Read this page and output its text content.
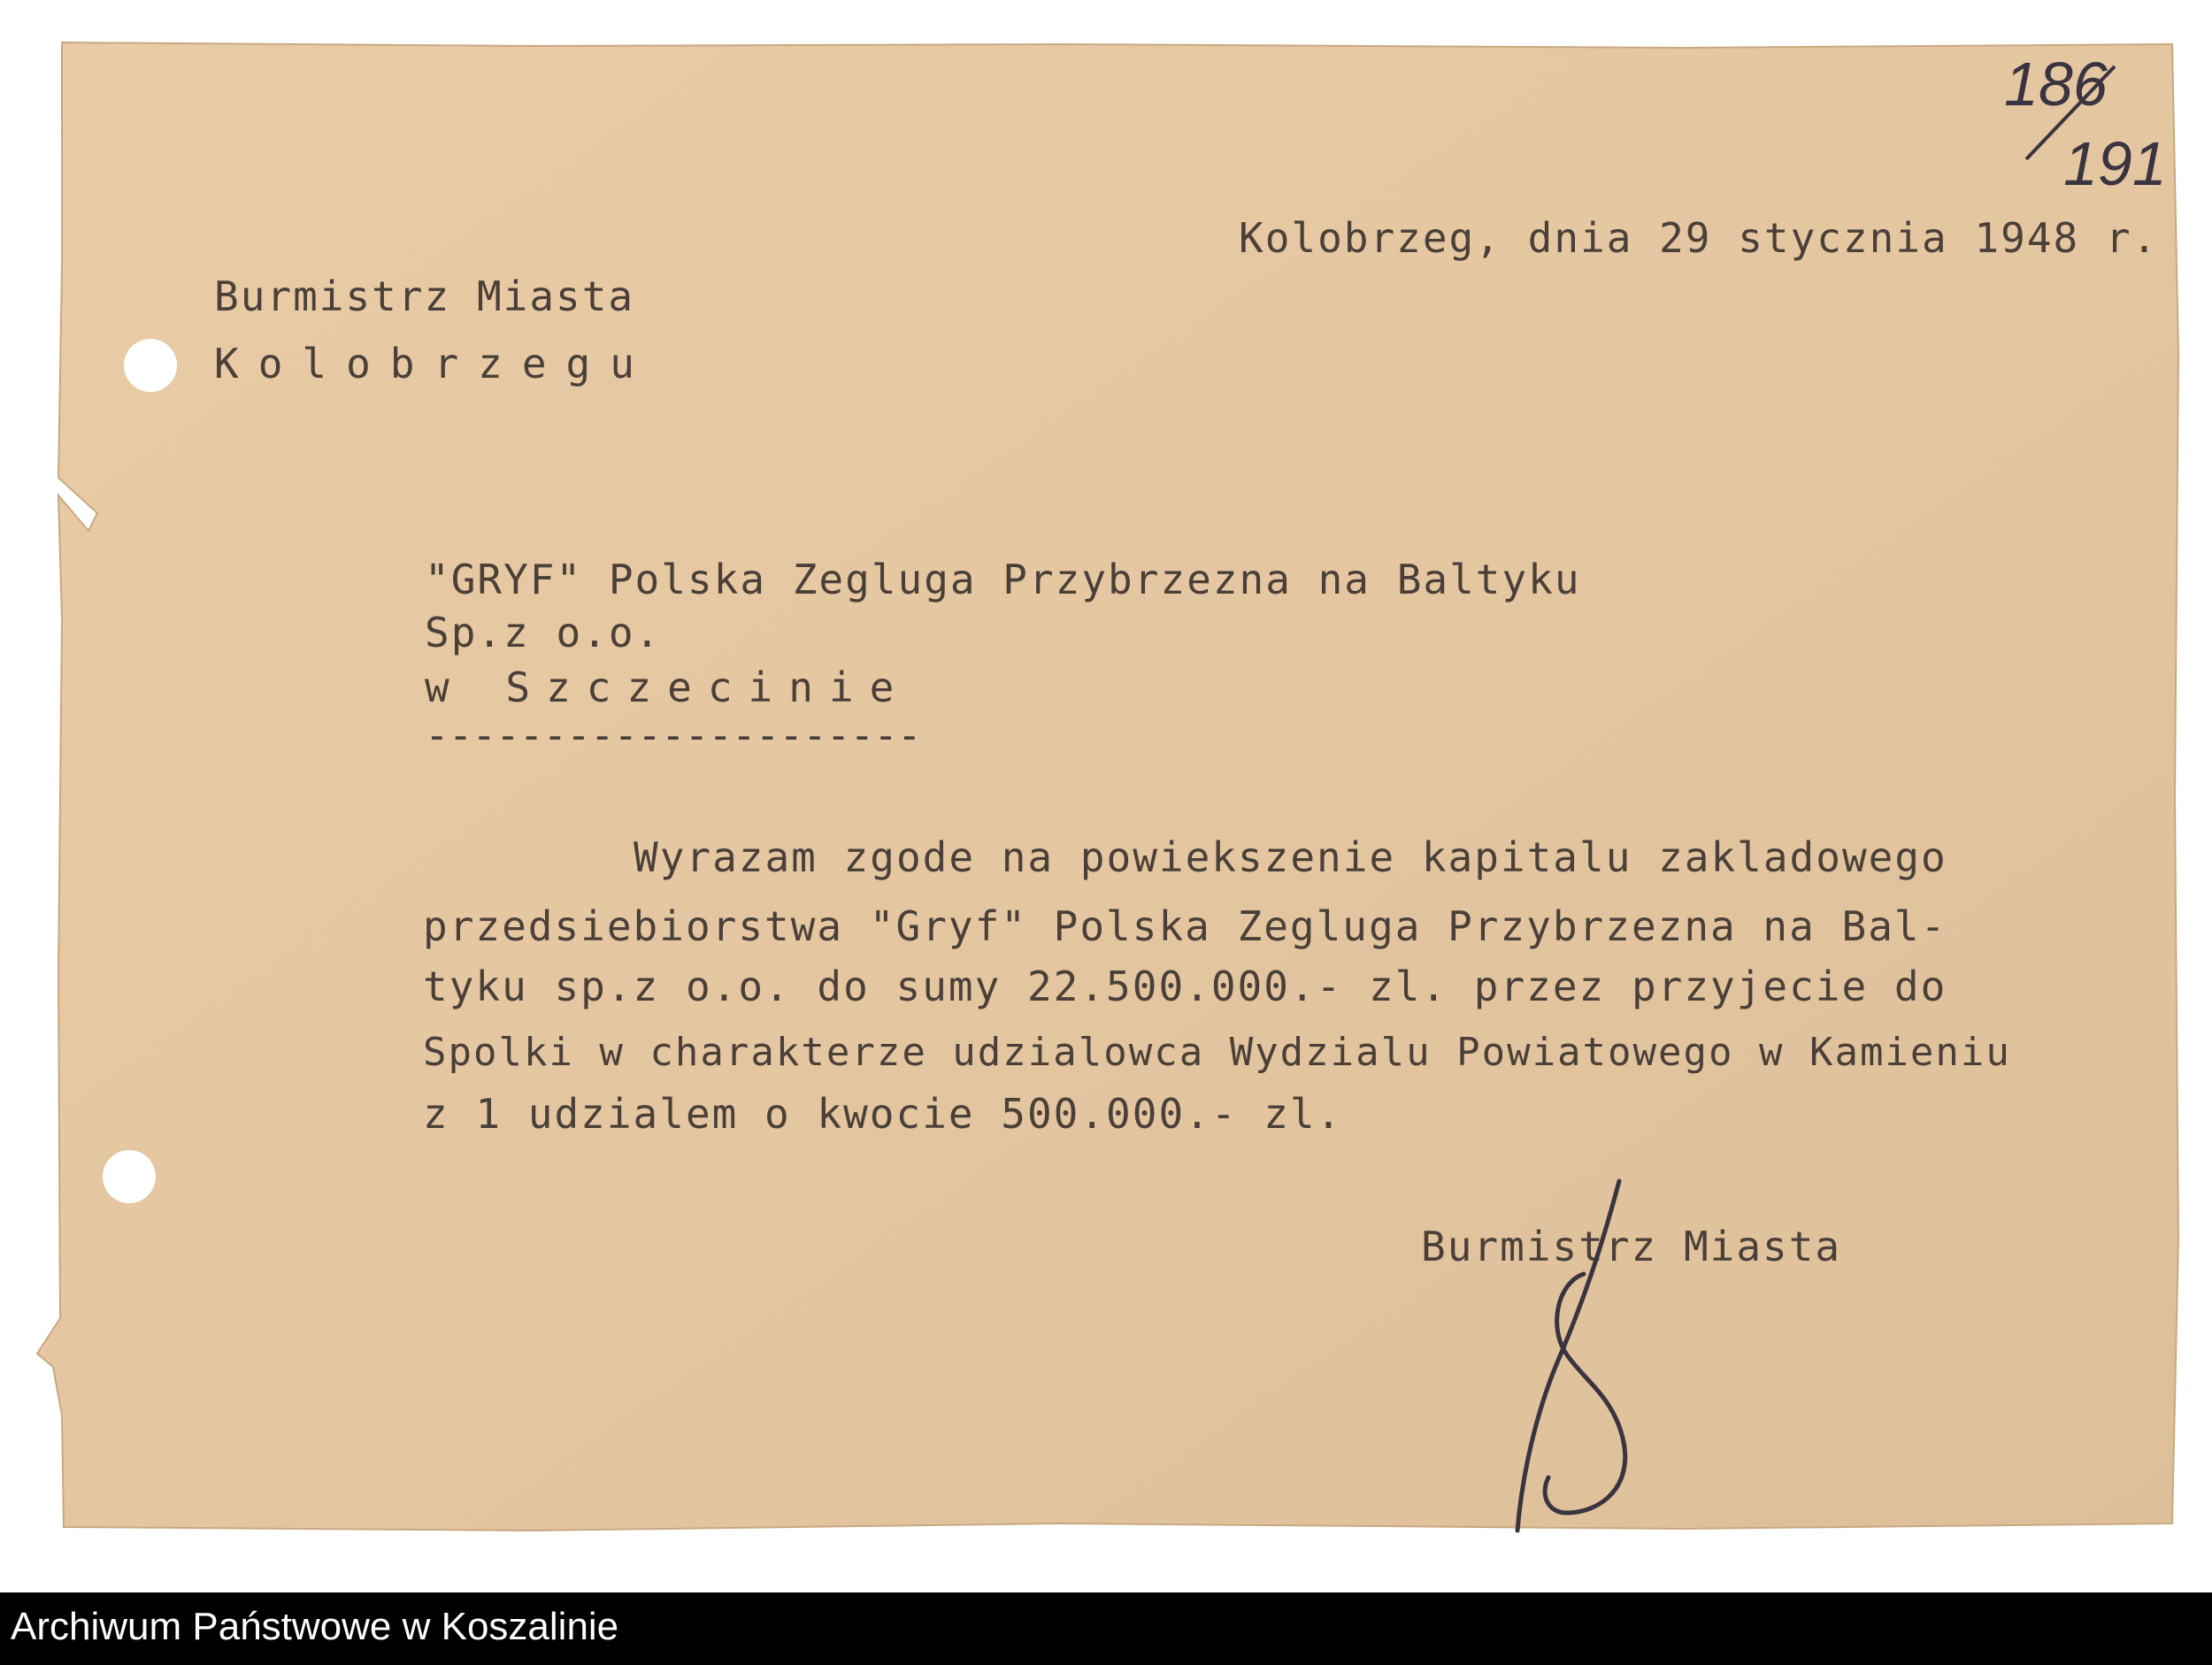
186
191

Kolobrzeg, dnia 29 stycznia 1948 r.

Burmistrz Miasta

Kolobrzegu

"GRYF" Polska Zegluga Przybrzezna na Baltyku

Sp.z o.o.

w Szczecinie

---------------------

Wyrazam zgode na powiekszenie kapitalu zakladowego

przedsiebiorstwa "Gryf" Polska Zegluga Przybrzezna na Bal-

tyku sp.z o.o. do sumy 22.500.000.- zl. przez przyjecie do

Spolki w charakterze udzialowca Wydzialu Powiatowego w Kamieniu

z 1 udzialem o kwocie 500.000.- zl.

Burmistrz Miasta

Archiwum Państwowe w Koszalinie
